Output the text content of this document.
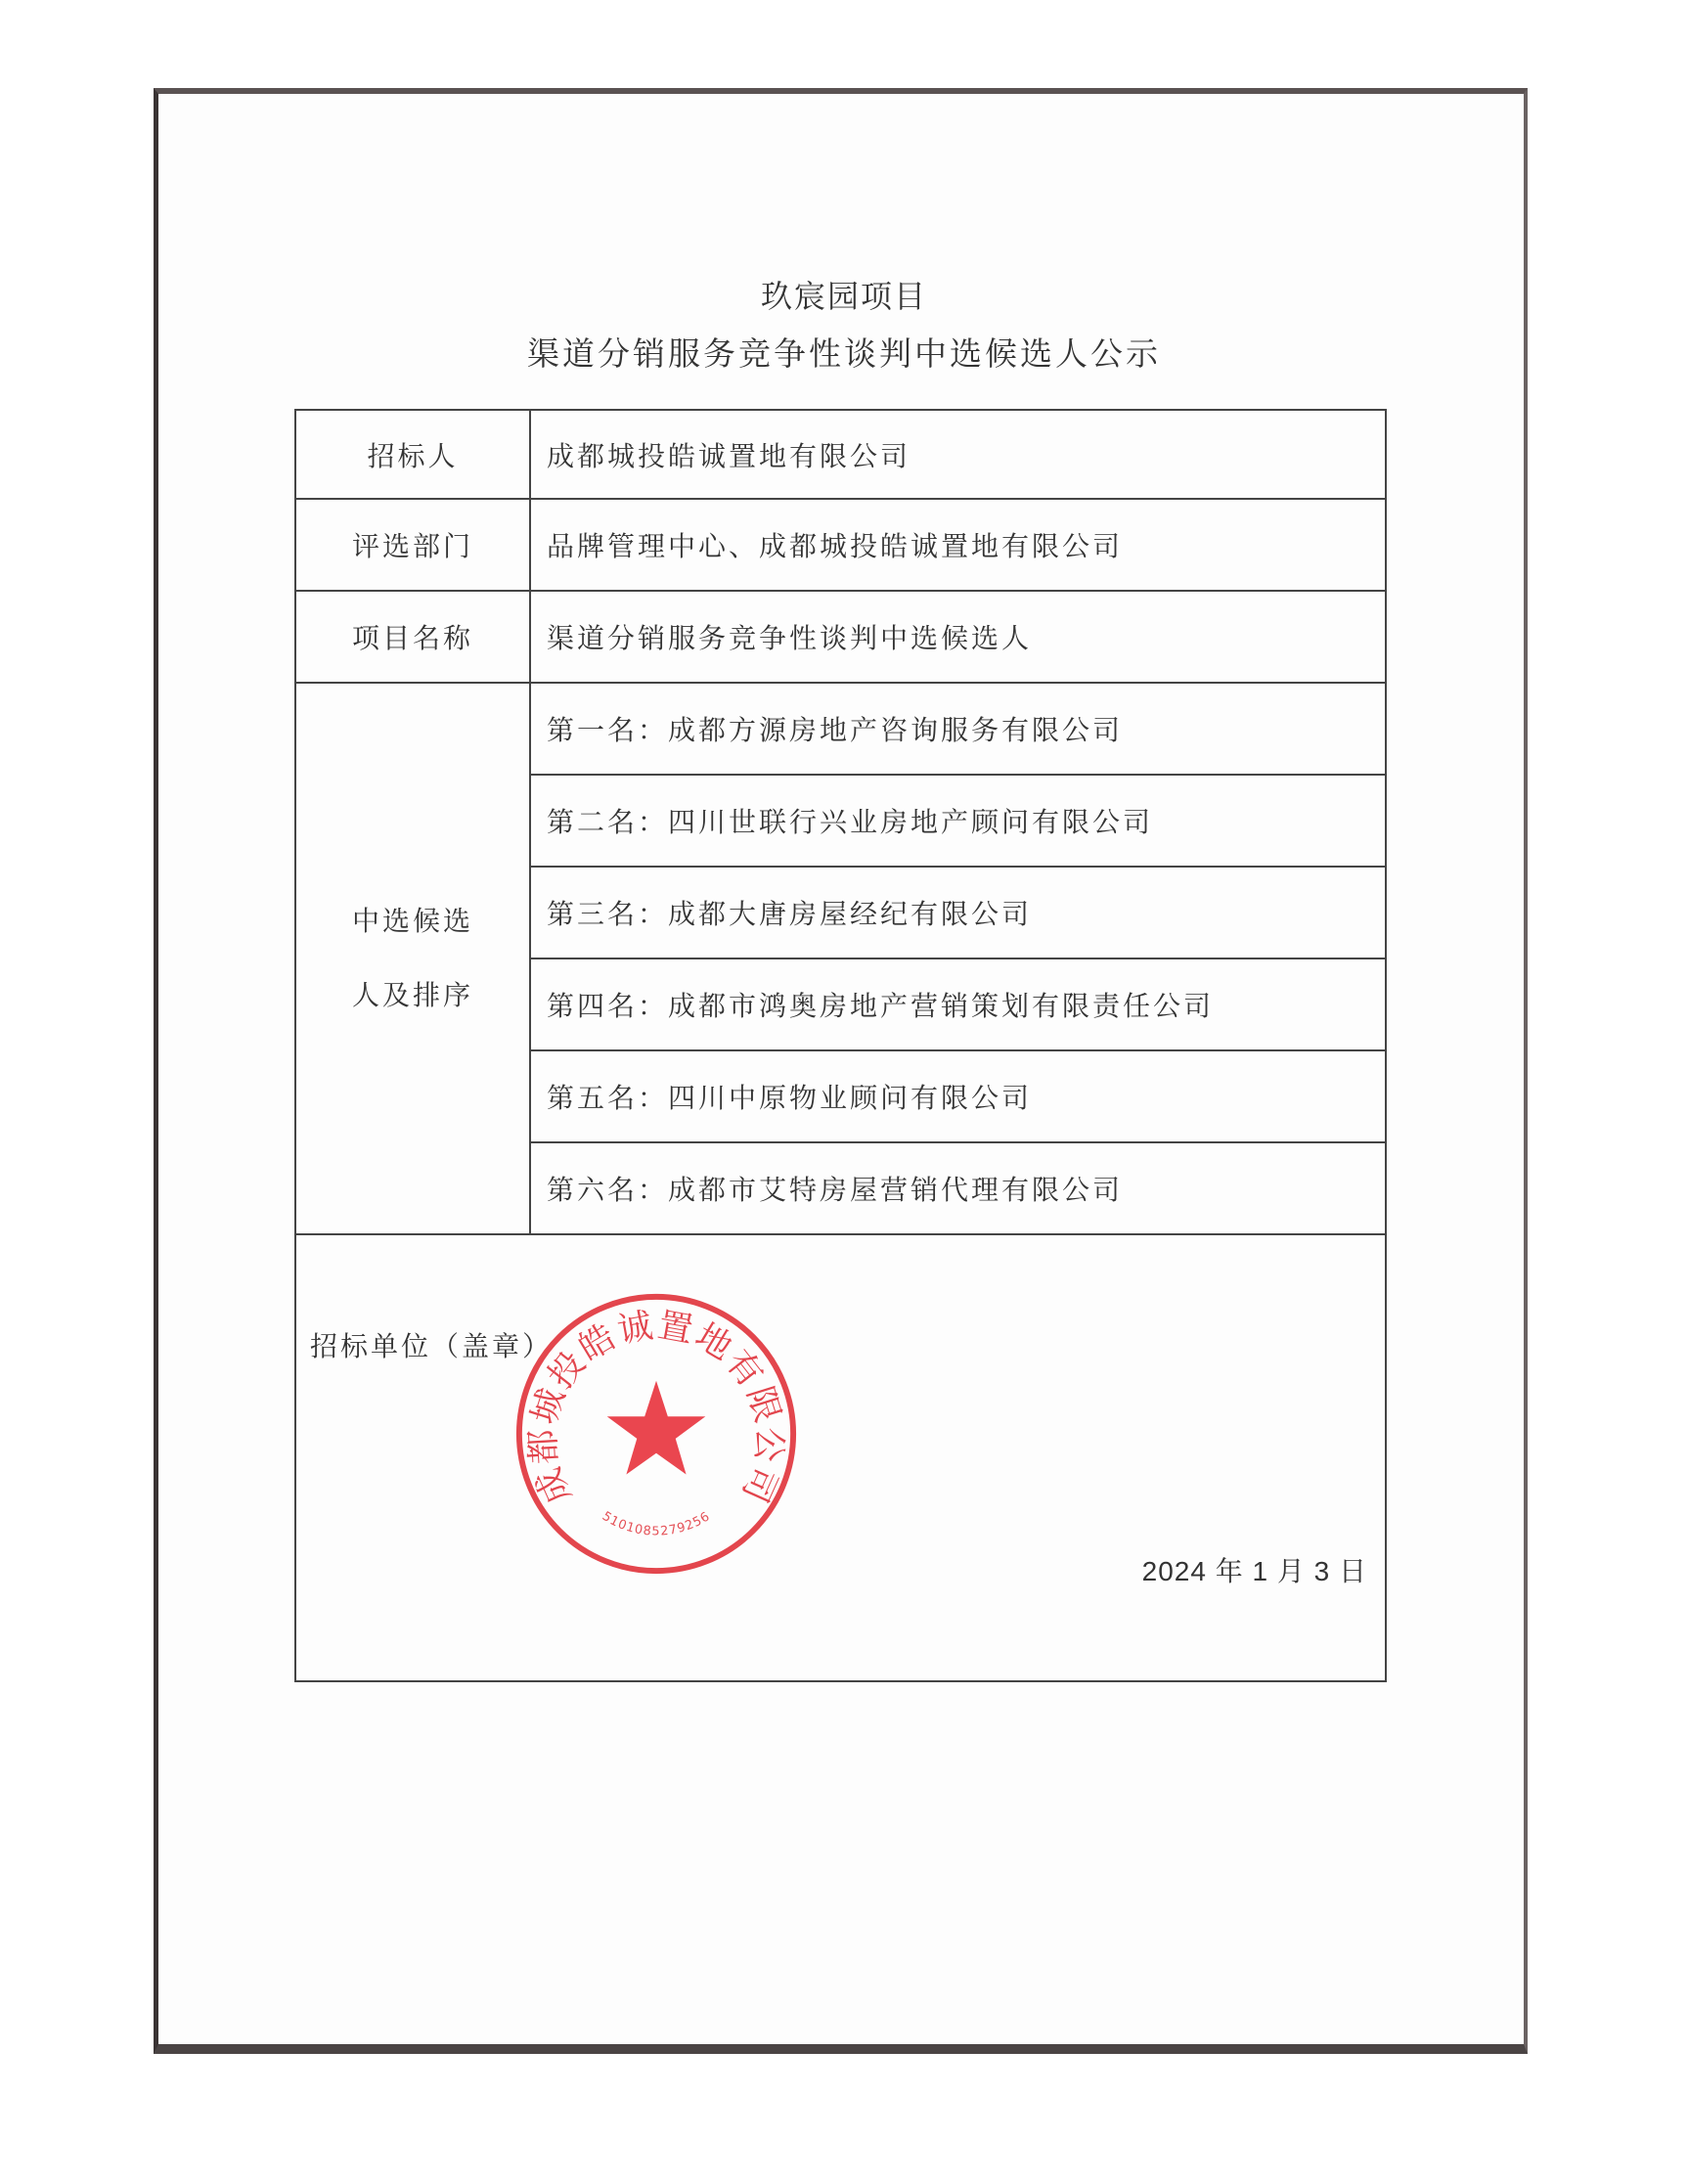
玖宸园项目
渠道分销服务竞争性谈判中选候选人公示
招标人	成都城投皓诚置地有限公司
评选部门	品牌管理中心、成都城投皓诚置地有限公司
项目名称	渠道分销服务竞争性谈判中选候选人

中选候选
人及排序	第一名：成都方源房地产咨询服务有限公司
	第二名：四川世联行兴业房地产顾问有限公司
	第三名：成都大唐房屋经纪有限公司
	第四名：成都市鸿奥房地产营销策划有限责任公司
	第五名：四川中原物业顾问有限公司
	第六名：成都市艾特房屋营销代理有限公司

招标单位（盖章）
2024 年 1 月 3 日	
成都城投皓诚置地有限公司
5101085279256
